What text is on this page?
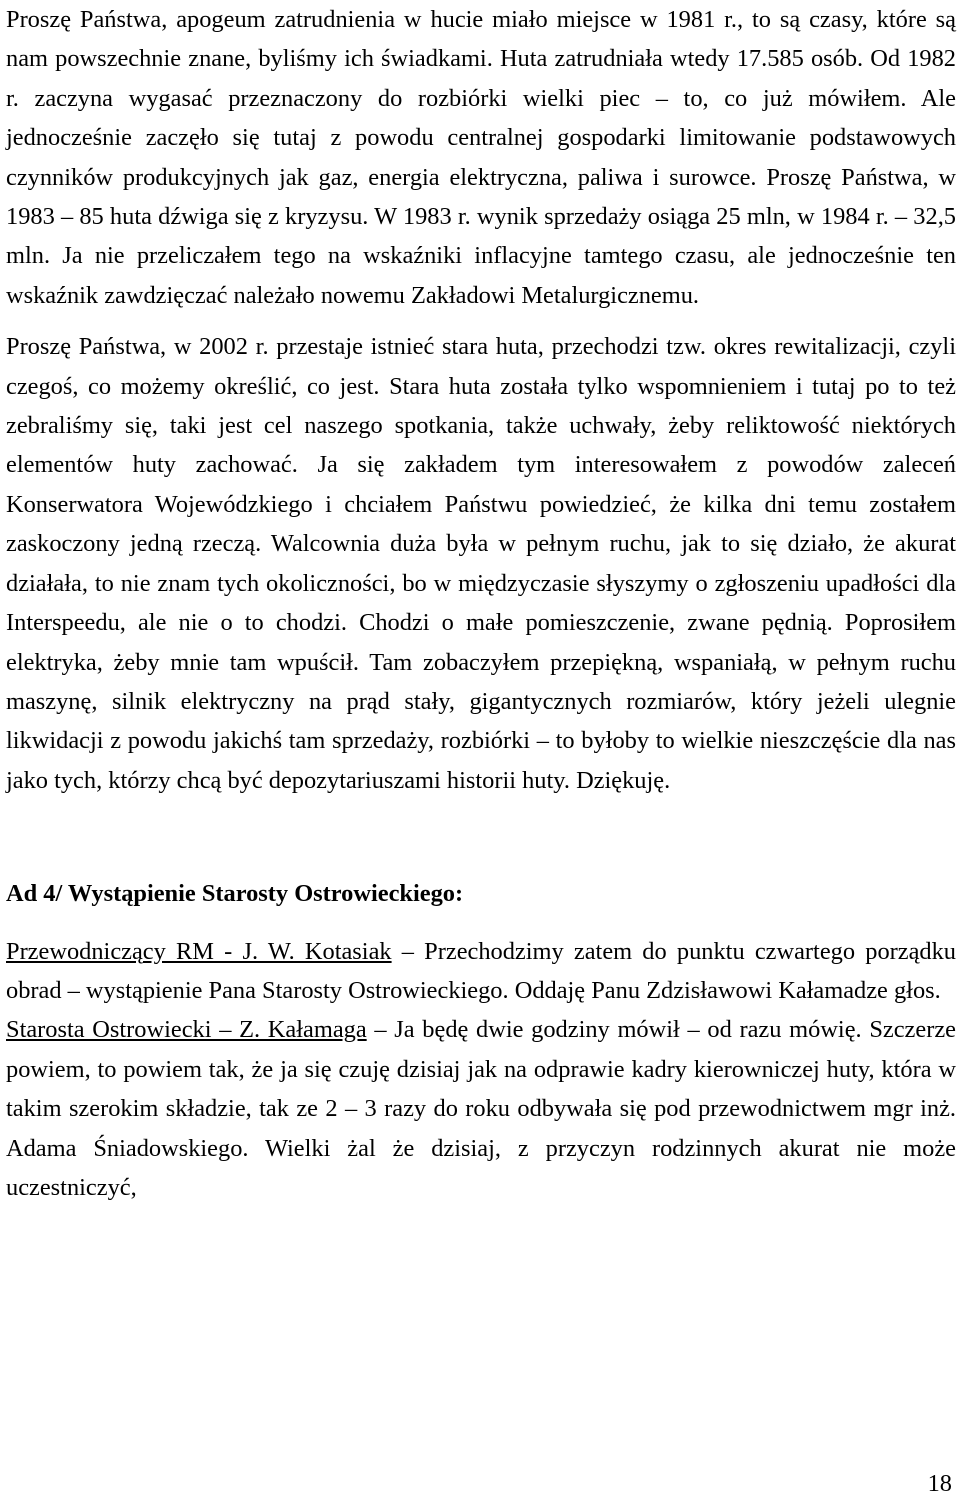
Proszę Państwa, apogeum zatrudnienia w hucie miało miejsce w 1981 r., to są czasy, które są nam powszechnie znane, byliśmy ich świadkami. Huta zatrudniała wtedy 17.585 osób. Od 1982 r. zaczyna wygasać przeznaczony do rozbiórki wielki piec – to, co już mówiłem. Ale jednocześnie zaczęło się tutaj z powodu centralnej gospodarki limitowanie podstawowych czynników produkcyjnych jak gaz, energia elektryczna, paliwa i surowce. Proszę Państwa, w 1983 – 85 huta dźwiga się z kryzysu. W 1983 r. wynik sprzedaży osiąga 25 mln, w 1984 r. – 32,5 mln. Ja nie przeliczałem tego na wskaźniki inflacyjne tamtego czasu, ale jednocześnie ten wskaźnik zawdzięczać należało nowemu Zakładowi Metalurgicznemu.

Proszę Państwa, w 2002 r. przestaje istnieć stara huta, przechodzi tzw. okres rewitalizacji, czyli czegoś, co możemy określić, co jest. Stara huta została tylko wspomnieniem i tutaj po to też zebraliśmy się, taki jest cel naszego spotkania, także uchwały, żeby reliktowość niektórych elementów huty zachować. Ja się zakładem tym interesowałem z powodów zaleceń Konserwatora Wojewódzkiego i chciałem Państwu powiedzieć, że kilka dni temu zostałem zaskoczony jedną rzeczą. Walcownia duża była w pełnym ruchu, jak to się działo, że akurat działała, to nie znam tych okoliczności, bo w międzyczasie słyszymy o zgłoszeniu upadłości dla Interspeedu, ale nie o to chodzi. Chodzi o małe pomieszczenie, zwane pędnią. Poprosiłem elektryka, żeby mnie tam wpuścił. Tam zobaczyłem przepiękną, wspaniałą, w pełnym ruchu maszynę, silnik elektryczny na prąd stały, gigantycznych rozmiarów, który jeżeli ulegnie likwidacji z powodu jakichś tam sprzedaży, rozbiórki – to byłoby to wielkie nieszczęście dla nas jako tych, którzy chcą być depozytariuszami historii huty. Dziękuję.

Ad 4/ Wystąpienie Starosty Ostrowieckiego:

Przewodniczący RM - J. W. Kotasiak – Przechodzimy zatem do punktu czwartego porządku obrad – wystąpienie Pana Starosty Ostrowieckiego. Oddaję Panu Zdzisławowi Kałamadze głos.

Starosta Ostrowiecki – Z. Kałamaga – Ja będę dwie godziny mówił – od razu mówię. Szczerze powiem, to powiem tak, że ja się czuję dzisiaj jak na odprawie kadry kierowniczej huty, która w takim szerokim składzie, tak ze 2 – 3 razy do roku odbywała się pod przewodnictwem mgr inż. Adama Śniadowskiego. Wielki żal że dzisiaj, z przyczyn rodzinnych akurat nie może uczestniczyć,

18
